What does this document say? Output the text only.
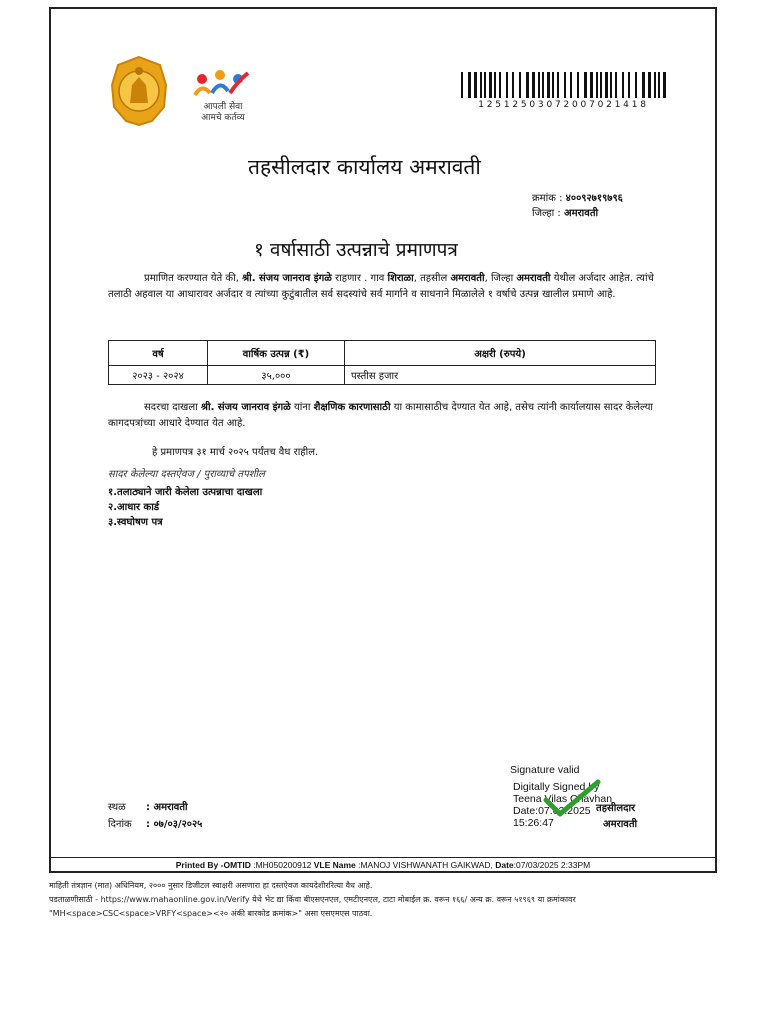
आपली सेवा
आमचे कर्तव्य
12512503072007021418
तहसीलदार कार्यालय अमरावती
क्रमांक : ४००९२७१९७९६
जिल्हा : अमरावती
१ वर्षासाठी उत्पन्नाचे प्रमाणपत्र
प्रमाणित करण्यात येते की, श्री. संजय जानराव इंगळे राहणार . गाव शिराळा, तहसील अमरावती, जिल्हा अमरावती येथील अर्जदार आहेत. त्यांचे तलाठी अहवाल या आधारावर अर्जदार व त्यांच्या कुटुंबातील सर्व सदस्यांचे सर्व मार्गाने व साधनाने मिळालेले १ वर्षाचे उत्पन्न खालील प्रमाणे आहे.
वर्ष	वार्षिक उत्पन्न (₹)	अक्षरी (रुपये)
२०२३ - २०२४	३५,०००	पस्तीस हजार
सदरचा दाखला श्री. संजय जानराव इंगळे यांना शैक्षणिक कारणासाठी या कामासाठीच देण्यात येत आहे, तसेच त्यांनी कार्यालयास सादर केलेल्या कागदपत्रांच्या आधारे देण्यात येत आहे.
हे प्रमाणपत्र ३१ मार्च २०२५ पर्यंतच वैध राहील.
सादर केलेल्या दस्तऐवज / पुराव्याचे तपशील
१.तलाठ्याने जारी केलेला उत्पन्नाचा दाखला
२.आधार कार्ड
३.स्वघोषण पत्र
Signature valid
Digitally Signed by
Teena Vilas Chavhan
Date:07.03.2025 15:26:47
तहसीलदार
अमरावती
स्थळ : अमरावती
दिनांक : ०७/०३/२०२५
Printed By -OMTID :MH050200912 VLE Name :MANOJ VISHWANATH GAIKWAD, Date:07/03/2025 2:33PM
माहिती तंत्रज्ञान (मात) अधिनियम, २००० नुसार डिजीटल स्वाक्षरी असणारा हा दस्तऐवज कायदेशीररित्या वैध आहे.
पडताळणीसाठी - https://www.mahaonline.gov.in/Verify येथे भेट द्या किंवा बीएसएनएल, एमटीएनएल, टाटा मोबाईल क्र. वरून १६६/ अन्य क्र. वरून ५१९६९ या क्रमांकावर
"MH<space>CSC<space>VRFY<space><२० अंकी बारकोड क्रमांक>" असा एसएमएस पाठवा.
